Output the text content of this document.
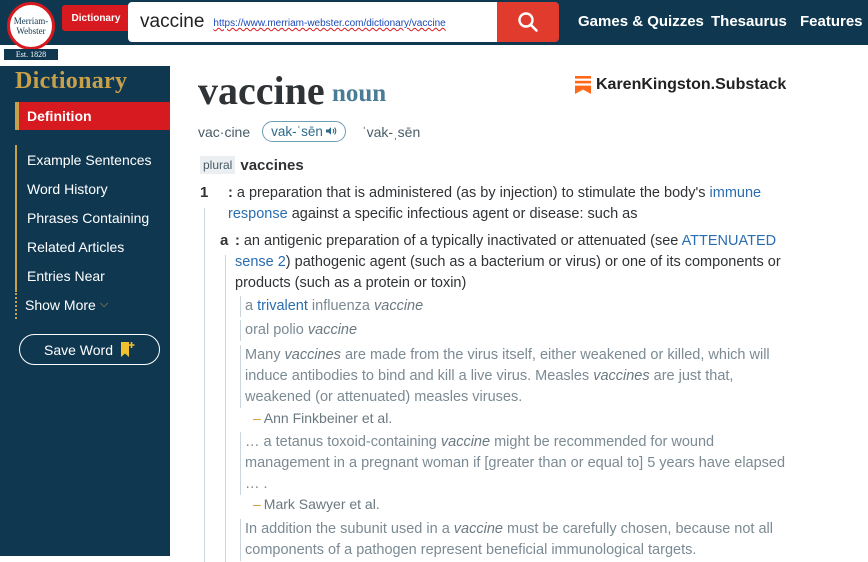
Merriam-
Webster
Est. 1828
Dictionary	vaccine https://www.merriam-webster.com/dictionary/vaccine	Games & Quizzes Thesaurus Features
Dictionary
Definition
Example Sentences
Word History
Phrases Containing
Related Articles
Entries Near
Show More ⌵
Save Word
vaccine noun	KarenKingston.Substack
vac·cine	vak-ˈsēn	ˈvak-ˌsēn
plural vaccines
1 : a preparation that is administered (as by injection) to stimulate the body's immune response against a specific infectious agent or disease: such as
a : an antigenic preparation of a typically inactivated or attenuated (see ATTENUATED sense 2) pathogenic agent (such as a bacterium or virus) or one of its components or products (such as a protein or toxin)
a trivalent influenza vaccine
oral polio vaccine
Many vaccines are made from the virus itself, either weakened or killed, which will induce antibodies to bind and kill a live virus. Measles vaccines are just that, weakened (or attenuated) measles viruses.
– Ann Finkbeiner et al.
… a tetanus toxoid-containing vaccine might be recommended for wound management in a pregnant woman if [greater than or equal to] 5 years have elapsed … .
– Mark Sawyer et al.
In addition the subunit used in a vaccine must be carefully chosen, because not all components of a pathogen represent beneficial immunological targets.
